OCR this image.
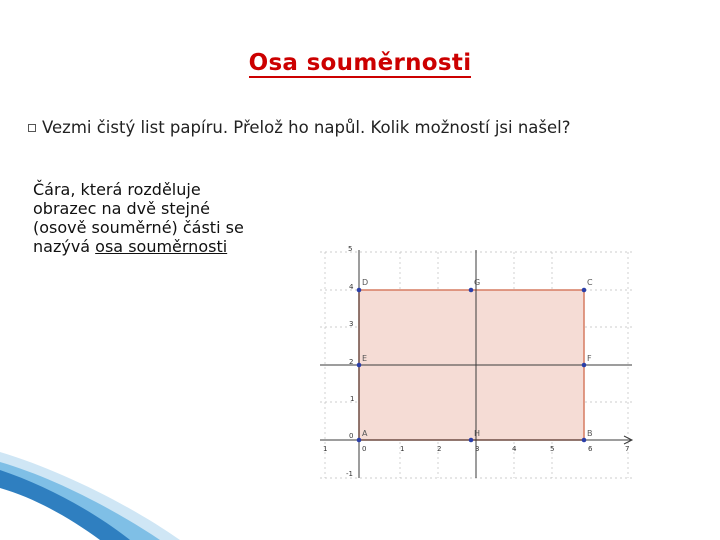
Osa souměrnosti
Vezmi čistý list papíru. Přelož ho napůl. Kolik možností jsi našel?
Čára, která rozděluje
obrazec na dvě stejné
(osově souměrné) části se
nazývá osa souměrnosti	5
4
3
2
1
0
-1
1	0	1	2	3	4	5	6	7
A	B
C
D
E	F
G
H
